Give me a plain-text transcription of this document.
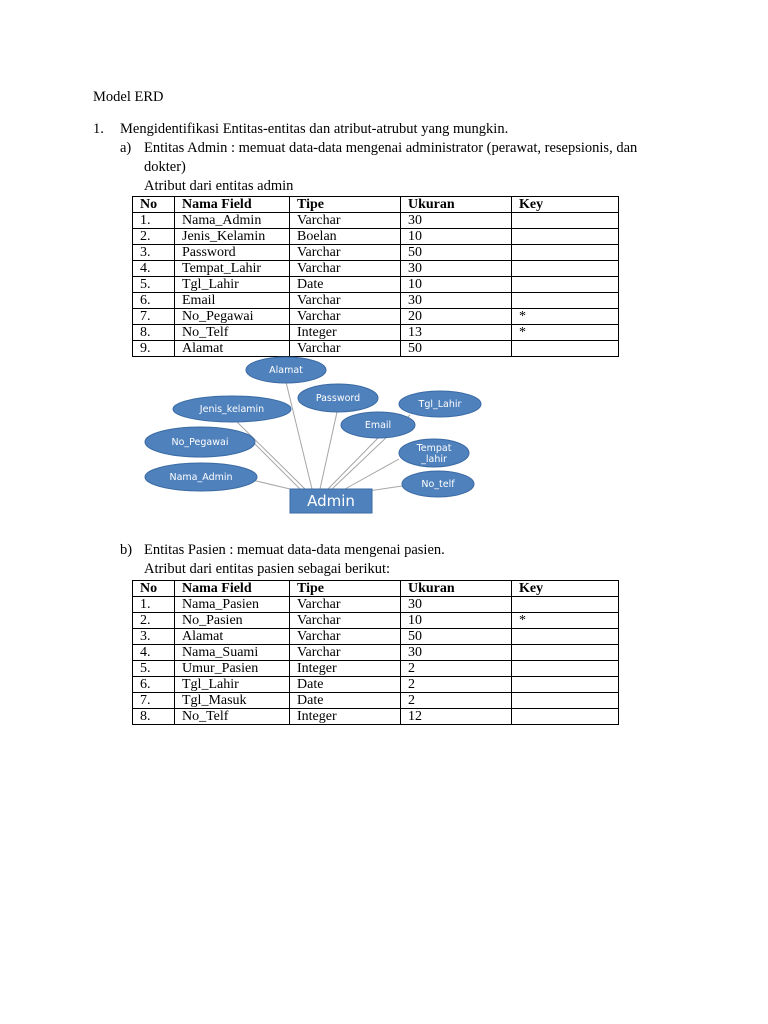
Model ERD
1. Mengidentifikasi Entitas-entitas dan atribut-atrubut yang mungkin.
a) Entitas Admin : memuat data-data mengenai administrator (perawat, resepsionis, dan
dokter)
Atribut dari entitas admin
No	Nama Field	Tipe	Ukuran	Key
1.	Nama_Admin	Varchar	30	
2.	Jenis_Kelamin	Boelan	10	
3.	Password	Varchar	50	
4.	Tempat_Lahir	Varchar	30	
5.	Tgl_Lahir	Date	10	
6.	Email	Varchar	30	
7.	No_Pegawai	Varchar	20	*
8.	No_Telf	Integer	13	*
9.	Alamat	Varchar	50	
Alamat
Password
Tgl_Lahir
Jenis_kelamin
Email
No_Pegawai
Tempat
_lahir
Nama_Admin
No_telf
Admin
b) Entitas Pasien : memuat data-data mengenai pasien.
Atribut dari entitas pasien sebagai berikut:
No	Nama Field	Tipe	Ukuran	Key
1.	Nama_Pasien	Varchar	30	
2.	No_Pasien	Varchar	10	*
3.	Alamat	Varchar	50	
4.	Nama_Suami	Varchar	30	
5.	Umur_Pasien	Integer	2	
6.	Tgl_Lahir	Date	2	
7.	Tgl_Masuk	Date	2	
8.	No_Telf	Integer	12	
